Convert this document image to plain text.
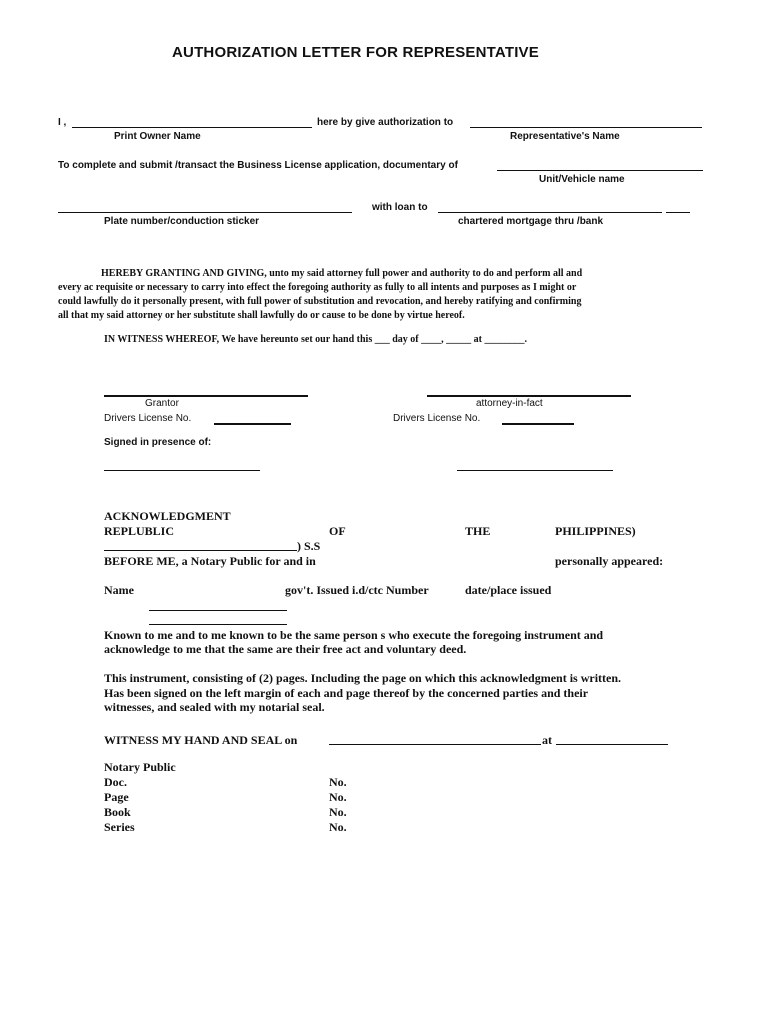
AUTHORIZATION LETTER FOR REPRESENTATIVE
I ,	here by give authorization to
Print Owner Name	Representative's Name
To complete and submit /transact the Business License application, documentary of
Unit/Vehicle name
with loan to
Plate number/conduction sticker	chartered mortgage thru /bank
HEREBY GRANTING AND GIVING, unto my said attorney full power and authority to do and perform all and
every ac requisite or necessary to carry into effect the foregoing authority as fully to all intents and purposes as I might or
could lawfully do it personally present, with full power of substitution and revocation, and hereby ratifying and confirming
all that my said attorney or her substitute shall lawfully do or cause to be done by virtue hereof.
IN WITNESS WHEREOF, We have hereunto set our hand this ___ day of ____, _____ at ________.
Grantor	attorney-in-fact
Drivers License No.	Drivers License No.
Signed in presence of:
ACKNOWLEDGMENT
REPLUBLIC	OF	THE	PHILIPPINES)
) S.S
BEFORE ME, a Notary Public for and in	personally appeared:
Name	gov't. Issued i.d/ctc Number	date/place issued
Known to me and to me known to be the same person s who execute the foregoing instrument and
acknowledge to me that the same are their free act and voluntary deed.
This instrument, consisting of (2) pages. Including the page on which this acknowledgment is written.
Has been signed on the left margin of each and page thereof by the concerned parties and their
witnesses, and sealed with my notarial seal.
WITNESS MY HAND AND SEAL on	at
Notary Public
Doc.	No.
Page	No.
Book	No.
Series	No.
